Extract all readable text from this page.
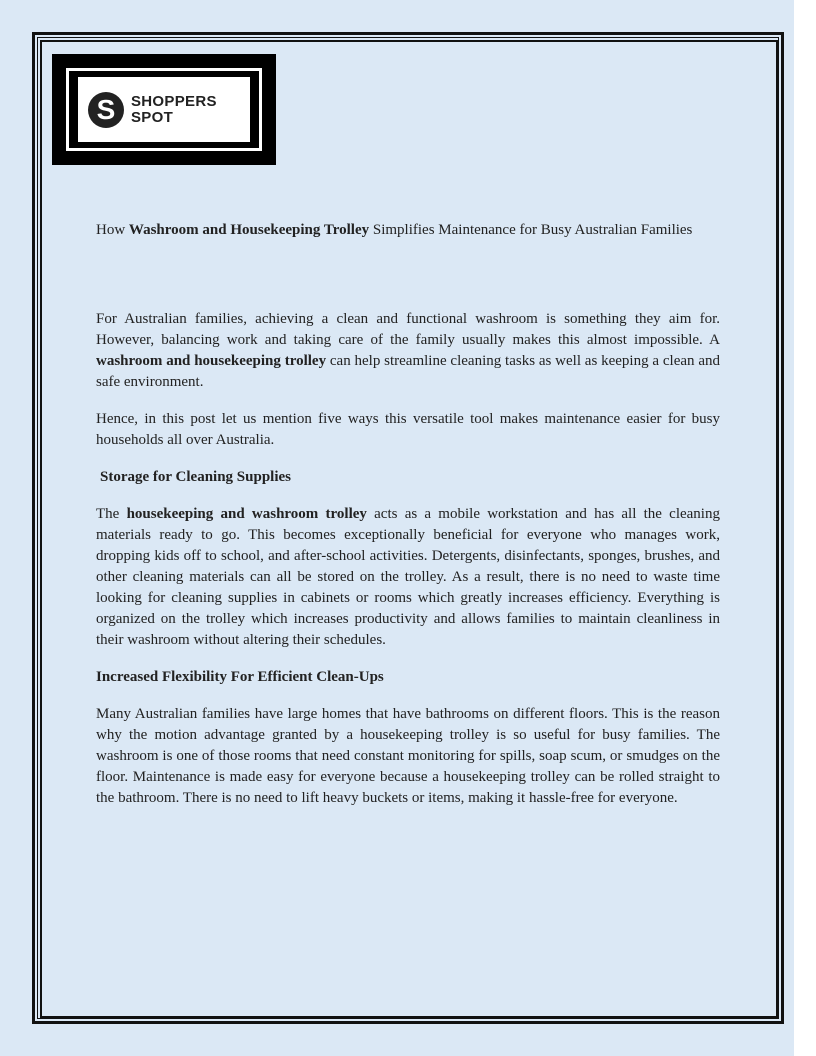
S	SHOPPERS
SPOT

How Washroom and Housekeeping Trolley Simplifies Maintenance for Busy Australian Families

For Australian families, achieving a clean and functional washroom is something they aim for. However, balancing work and taking care of the family usually makes this almost impossible. A washroom and housekeeping trolley can help streamline cleaning tasks as well as keeping a clean and safe environment.

Hence, in this post let us mention five ways this versatile tool makes maintenance easier for busy households all over Australia.

Storage for Cleaning Supplies

The housekeeping and washroom trolley acts as a mobile workstation and has all the cleaning materials ready to go. This becomes exceptionally beneficial for everyone who manages work, dropping kids off to school, and after-school activities. Detergents, disinfectants, sponges, brushes, and other cleaning materials can all be stored on the trolley. As a result, there is no need to waste time looking for cleaning supplies in cabinets or rooms which greatly increases efficiency. Everything is organized on the trolley which increases productivity and allows families to maintain cleanliness in their washroom without altering their schedules.

Increased Flexibility For Efficient Clean-Ups

Many Australian families have large homes that have bathrooms on different floors. This is the reason why the motion advantage granted by a housekeeping trolley is so useful for busy families. The washroom is one of those rooms that need constant monitoring for spills, soap scum, or smudges on the floor. Maintenance is made easy for everyone because a housekeeping trolley can be rolled straight to the bathroom. There is no need to lift heavy buckets or items, making it hassle-free for everyone.
